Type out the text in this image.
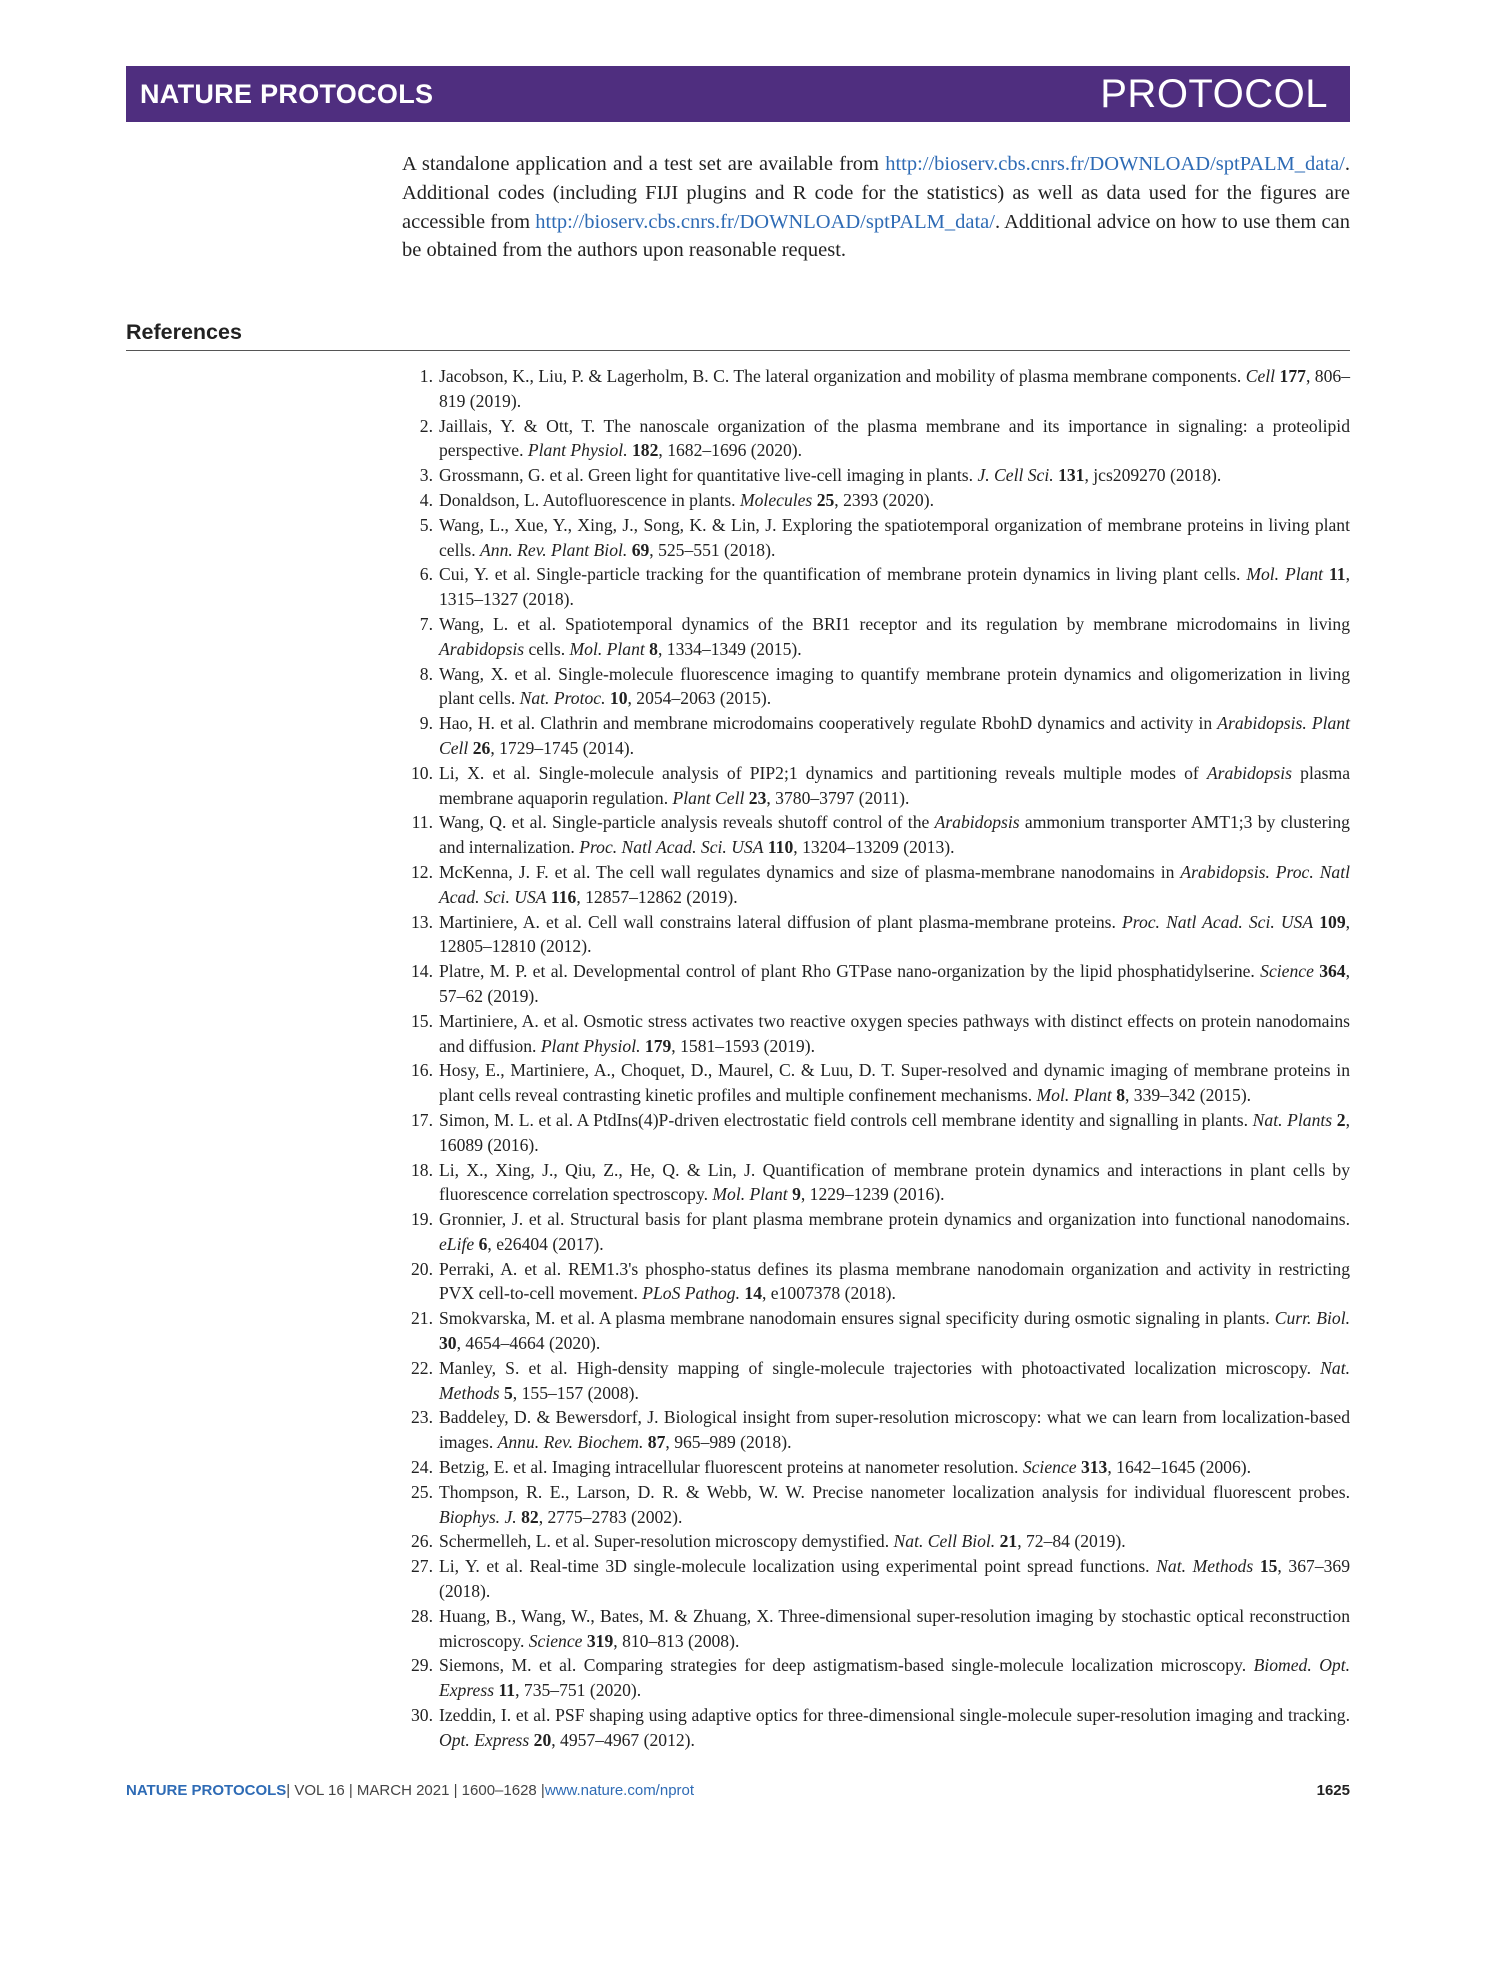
NATURE PROTOCOLS	PROTOCOL
A standalone application and a test set are available from http://bioserv.cbs.cnrs.fr/DOWNLOAD/sptPALM_data/. Additional codes (including FIJI plugins and R code for the statistics) as well as data used for the figures are accessible from http://bioserv.cbs.cnrs.fr/DOWNLOAD/sptPALM_data/. Additional advice on how to use them can be obtained from the authors upon reasonable request.
References
1. Jacobson, K., Liu, P. & Lagerholm, B. C. The lateral organization and mobility of plasma membrane components. Cell 177, 806–819 (2019).
2. Jaillais, Y. & Ott, T. The nanoscale organization of the plasma membrane and its importance in signaling: a proteolipid perspective. Plant Physiol. 182, 1682–1696 (2020).
3. Grossmann, G. et al. Green light for quantitative live-cell imaging in plants. J. Cell Sci. 131, jcs209270 (2018).
4. Donaldson, L. Autofluorescence in plants. Molecules 25, 2393 (2020).
5. Wang, L., Xue, Y., Xing, J., Song, K. & Lin, J. Exploring the spatiotemporal organization of membrane proteins in living plant cells. Ann. Rev. Plant Biol. 69, 525–551 (2018).
6. Cui, Y. et al. Single-particle tracking for the quantification of membrane protein dynamics in living plant cells. Mol. Plant 11, 1315–1327 (2018).
7. Wang, L. et al. Spatiotemporal dynamics of the BRI1 receptor and its regulation by membrane microdomains in living Arabidopsis cells. Mol. Plant 8, 1334–1349 (2015).
8. Wang, X. et al. Single-molecule fluorescence imaging to quantify membrane protein dynamics and oligomerization in living plant cells. Nat. Protoc. 10, 2054–2063 (2015).
9. Hao, H. et al. Clathrin and membrane microdomains cooperatively regulate RbohD dynamics and activity in Arabidopsis. Plant Cell 26, 1729–1745 (2014).
10. Li, X. et al. Single-molecule analysis of PIP2;1 dynamics and partitioning reveals multiple modes of Arabidopsis plasma membrane aquaporin regulation. Plant Cell 23, 3780–3797 (2011).
11. Wang, Q. et al. Single-particle analysis reveals shutoff control of the Arabidopsis ammonium transporter AMT1;3 by clustering and internalization. Proc. Natl Acad. Sci. USA 110, 13204–13209 (2013).
12. McKenna, J. F. et al. The cell wall regulates dynamics and size of plasma-membrane nanodomains in Arabidopsis. Proc. Natl Acad. Sci. USA 116, 12857–12862 (2019).
13. Martiniere, A. et al. Cell wall constrains lateral diffusion of plant plasma-membrane proteins. Proc. Natl Acad. Sci. USA 109, 12805–12810 (2012).
14. Platre, M. P. et al. Developmental control of plant Rho GTPase nano-organization by the lipid phosphatidylserine. Science 364, 57–62 (2019).
15. Martiniere, A. et al. Osmotic stress activates two reactive oxygen species pathways with distinct effects on protein nanodomains and diffusion. Plant Physiol. 179, 1581–1593 (2019).
16. Hosy, E., Martiniere, A., Choquet, D., Maurel, C. & Luu, D. T. Super-resolved and dynamic imaging of membrane proteins in plant cells reveal contrasting kinetic profiles and multiple confinement mechanisms. Mol. Plant 8, 339–342 (2015).
17. Simon, M. L. et al. A PtdIns(4)P-driven electrostatic field controls cell membrane identity and signalling in plants. Nat. Plants 2, 16089 (2016).
18. Li, X., Xing, J., Qiu, Z., He, Q. & Lin, J. Quantification of membrane protein dynamics and interactions in plant cells by fluorescence correlation spectroscopy. Mol. Plant 9, 1229–1239 (2016).
19. Gronnier, J. et al. Structural basis for plant plasma membrane protein dynamics and organization into functional nanodomains. eLife 6, e26404 (2017).
20. Perraki, A. et al. REM1.3's phospho-status defines its plasma membrane nanodomain organization and activity in restricting PVX cell-to-cell movement. PLoS Pathog. 14, e1007378 (2018).
21. Smokvarska, M. et al. A plasma membrane nanodomain ensures signal specificity during osmotic signaling in plants. Curr. Biol. 30, 4654–4664 (2020).
22. Manley, S. et al. High-density mapping of single-molecule trajectories with photoactivated localization microscopy. Nat. Methods 5, 155–157 (2008).
23. Baddeley, D. & Bewersdorf, J. Biological insight from super-resolution microscopy: what we can learn from localization-based images. Annu. Rev. Biochem. 87, 965–989 (2018).
24. Betzig, E. et al. Imaging intracellular fluorescent proteins at nanometer resolution. Science 313, 1642–1645 (2006).
25. Thompson, R. E., Larson, D. R. & Webb, W. W. Precise nanometer localization analysis for individual fluorescent probes. Biophys. J. 82, 2775–2783 (2002).
26. Schermelleh, L. et al. Super-resolution microscopy demystified. Nat. Cell Biol. 21, 72–84 (2019).
27. Li, Y. et al. Real-time 3D single-molecule localization using experimental point spread functions. Nat. Methods 15, 367–369 (2018).
28. Huang, B., Wang, W., Bates, M. & Zhuang, X. Three-dimensional super-resolution imaging by stochastic optical reconstruction microscopy. Science 319, 810–813 (2008).
29. Siemons, M. et al. Comparing strategies for deep astigmatism-based single-molecule localization microscopy. Biomed. Opt. Express 11, 735–751 (2020).
30. Izeddin, I. et al. PSF shaping using adaptive optics for three-dimensional single-molecule super-resolution imaging and tracking. Opt. Express 20, 4957–4967 (2012).
NATURE PROTOCOLS| VOL 16 | MARCH 2021 | 1600–1628 |www.nature.com/nprot	1625
